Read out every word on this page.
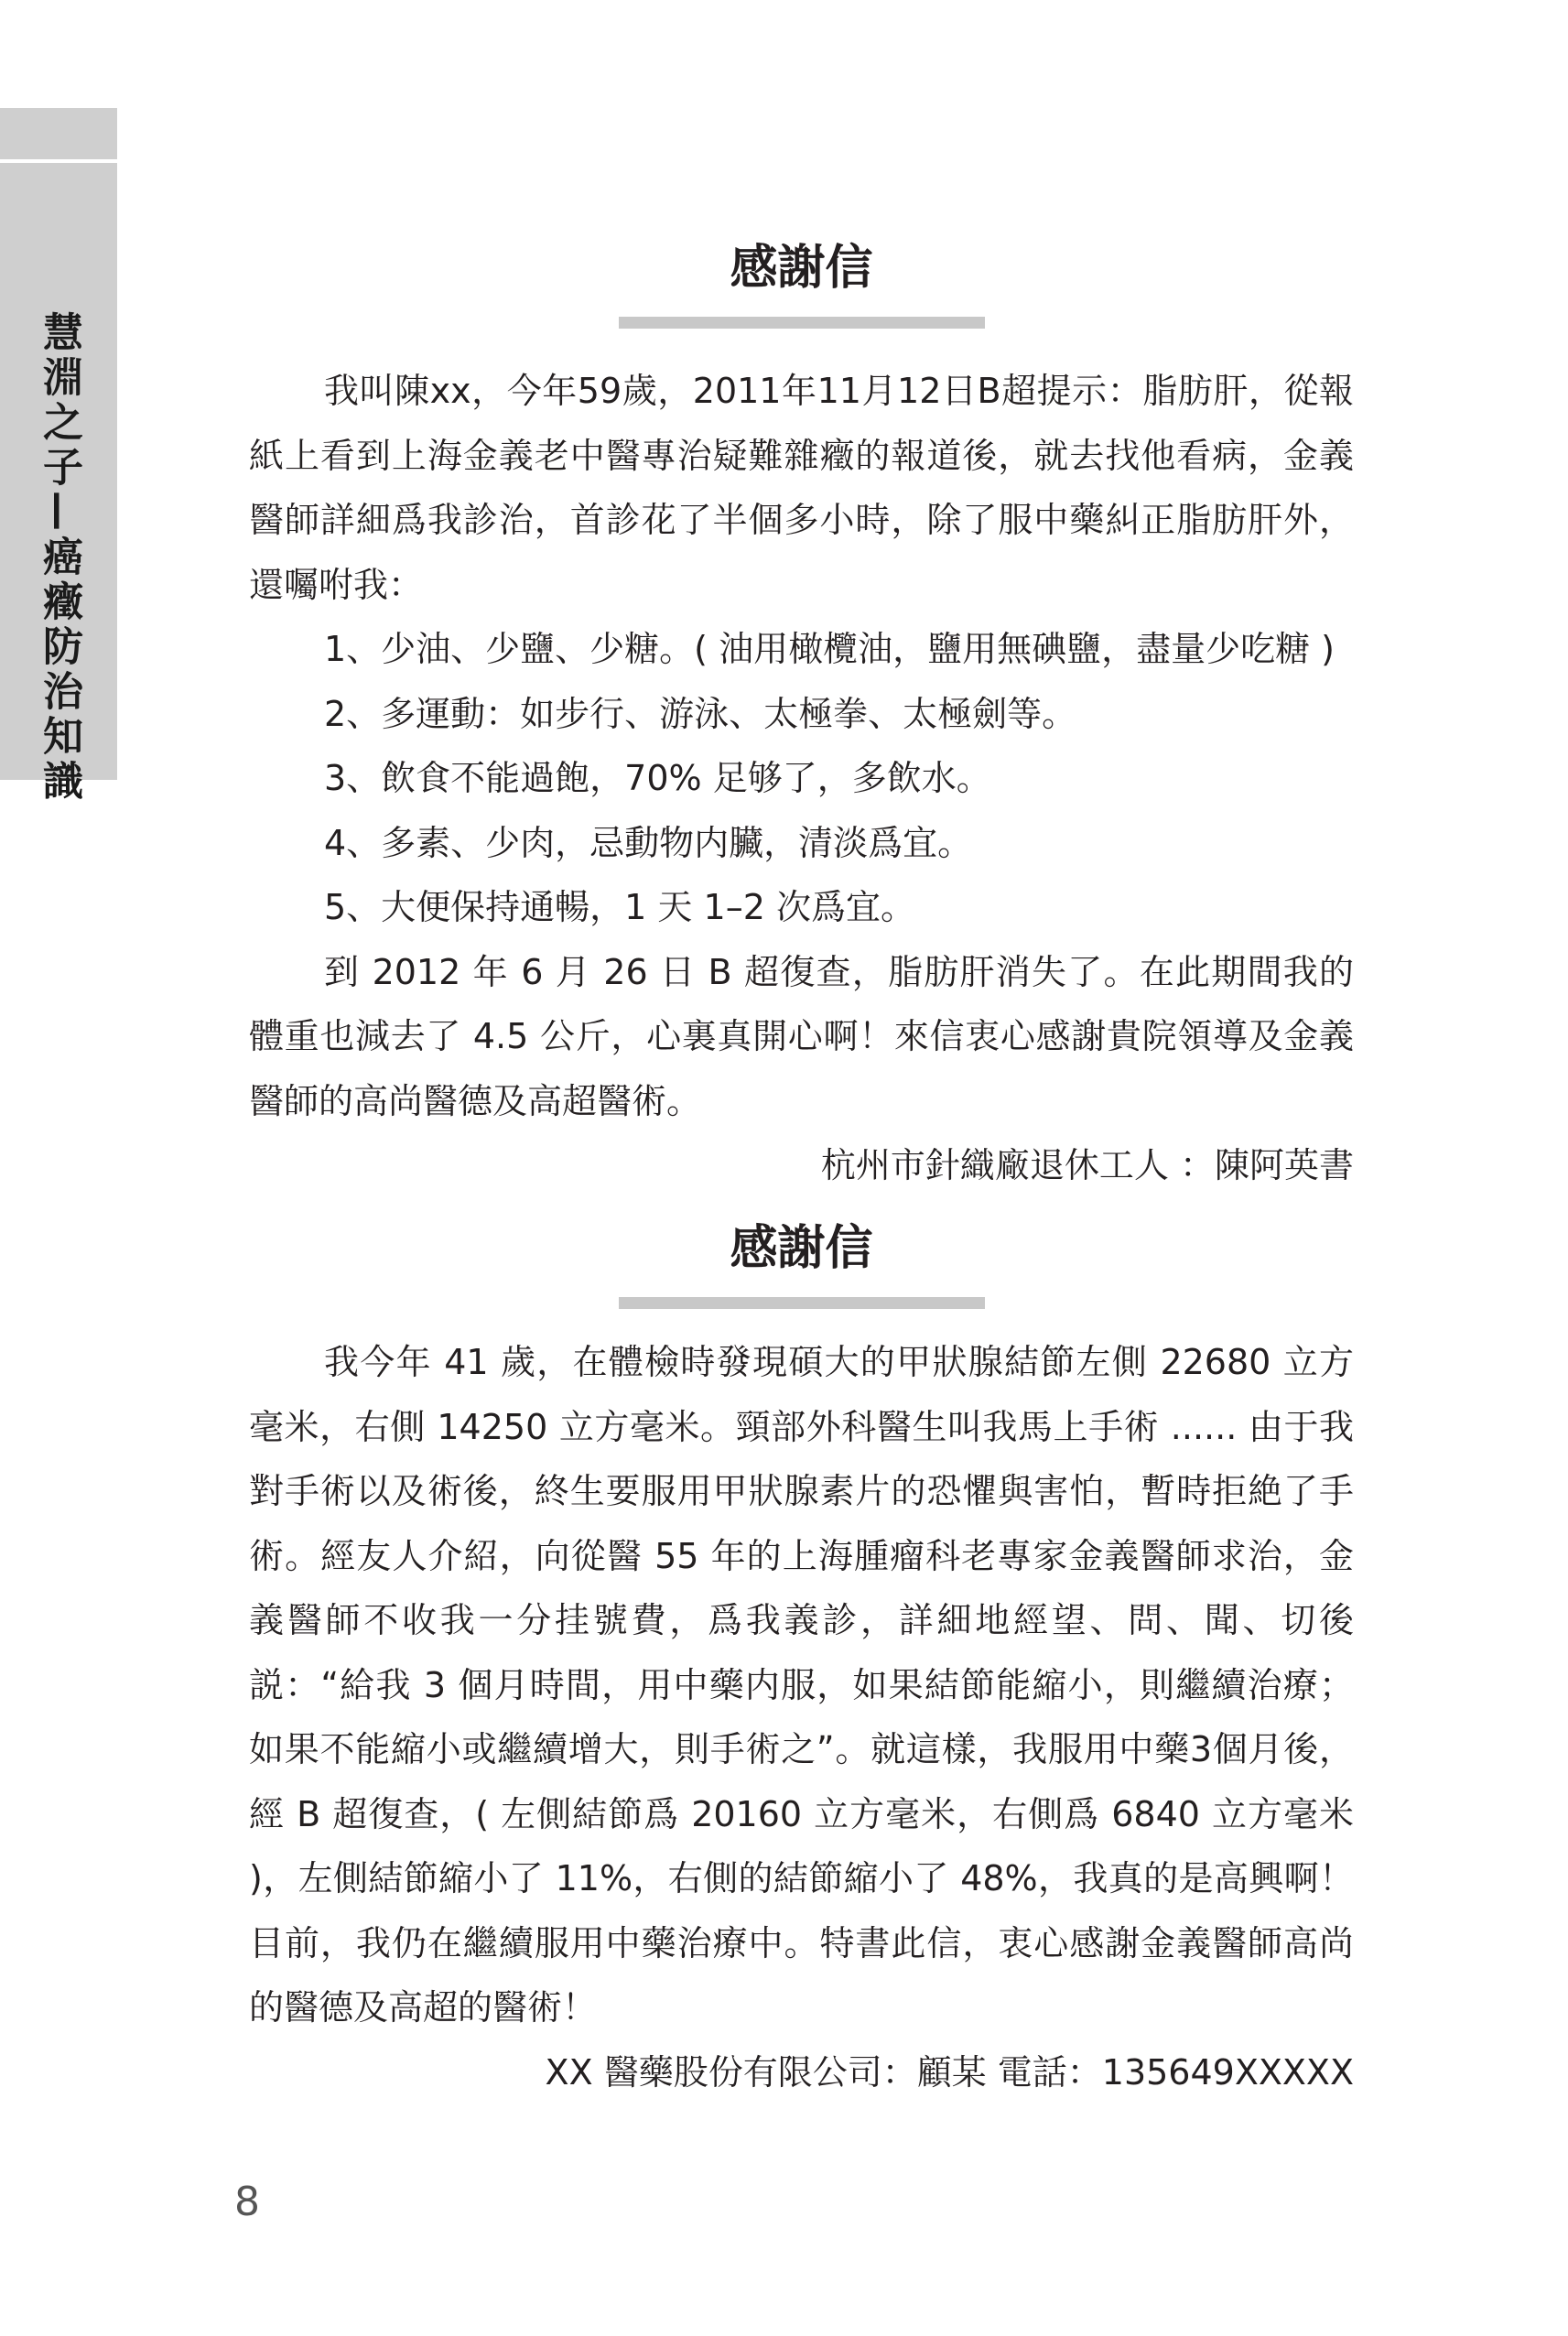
慧淵之子—癌癥防治知識
感謝信

我叫陳xx，今年59歲，2011年11月12日B超提示：脂肪肝，從報紙上看到上海金義老中醫專治疑難雜癥的報道後，就去找他看病，金義醫師詳細爲我診治，首診花了半個多小時，除了服中藥糾正脂肪肝外，還囑咐我：

1、少油、少鹽、少糖。( 油用橄欖油，鹽用無碘鹽，盡量少吃糖 )

2、多運動：如步行、游泳、太極拳、太極劍等。

3、飲食不能過飽，70% 足够了，多飲水。

4、多素、少肉，忌動物内臟，清淡爲宜。

5、大便保持通暢，1 天 1–2 次爲宜。

到 2012 年 6 月 26 日 B 超復查，脂肪肝消失了。在此期間我的體重也減去了 4.5 公斤，心裏真開心啊！來信衷心感謝貴院領導及金義醫師的高尚醫德及高超醫術。

杭州市針織廠退休工人 ：陳阿英書

感謝信

我今年 41 歲，在體檢時發現碩大的甲狀腺結節左側 22680 立方毫米，右側 14250 立方毫米。頸部外科醫生叫我馬上手術 ...... 由于我對手術以及術後，終生要服用甲狀腺素片的恐懼與害怕，暫時拒絶了手術。經友人介紹，向從醫 55 年的上海腫瘤科老專家金義醫師求治，金義醫師不收我一分挂號費，爲我義診，詳細地經望、問、聞、切後説：“給我 3 個月時間，用中藥内服，如果結節能縮小，則繼續治療；如果不能縮小或繼續增大，則手術之”。就這樣，我服用中藥3個月後，經 B 超復查，( 左側結節爲 20160 立方毫米，右側爲 6840 立方毫米 )，左側結節縮小了 11%，右側的結節縮小了 48%，我真的是高興啊！目前，我仍在繼續服用中藥治療中。特書此信，衷心感謝金義醫師高尚的醫德及高超的醫術！

XX 醫藥股份有限公司：顧某 電話：135649XXXXX

8
